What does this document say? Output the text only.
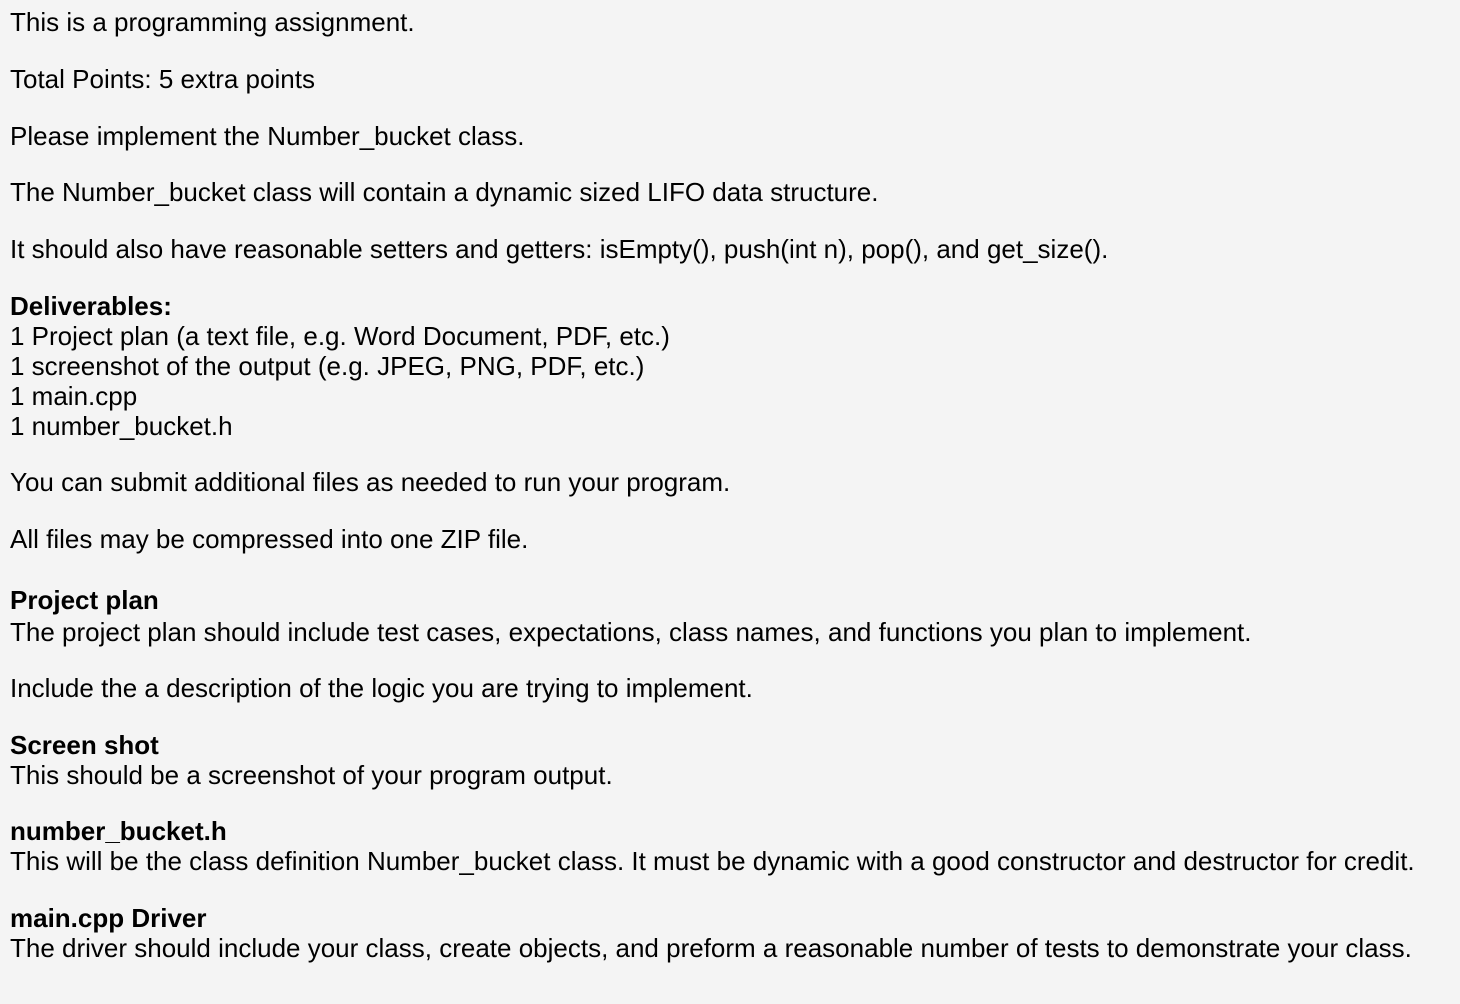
This is a programming assignment.
Total Points: 5 extra points
Please implement the Number_bucket class.
The Number_bucket class will contain a dynamic sized LIFO data structure.
It should also have reasonable setters and getters: isEmpty(), push(int n), pop(), and get_size().
Deliverables:
1 Project plan (a text file, e.g. Word Document, PDF, etc.)
1 screenshot of the output (e.g. JPEG, PNG, PDF, etc.)
1 main.cpp
1 number_bucket.h
You can submit additional files as needed to run your program.
All files may be compressed into one ZIP file.
Project plan
The project plan should include test cases, expectations, class names, and functions you plan to implement.
Include the a description of the logic you are trying to implement.
Screen shot
This should be a screenshot of your program output.
number_bucket.h
This will be the class definition Number_bucket class. It must be dynamic with a good constructor and destructor for credit.
main.cpp Driver
The driver should include your class, create objects, and preform a reasonable number of tests to demonstrate your class.
